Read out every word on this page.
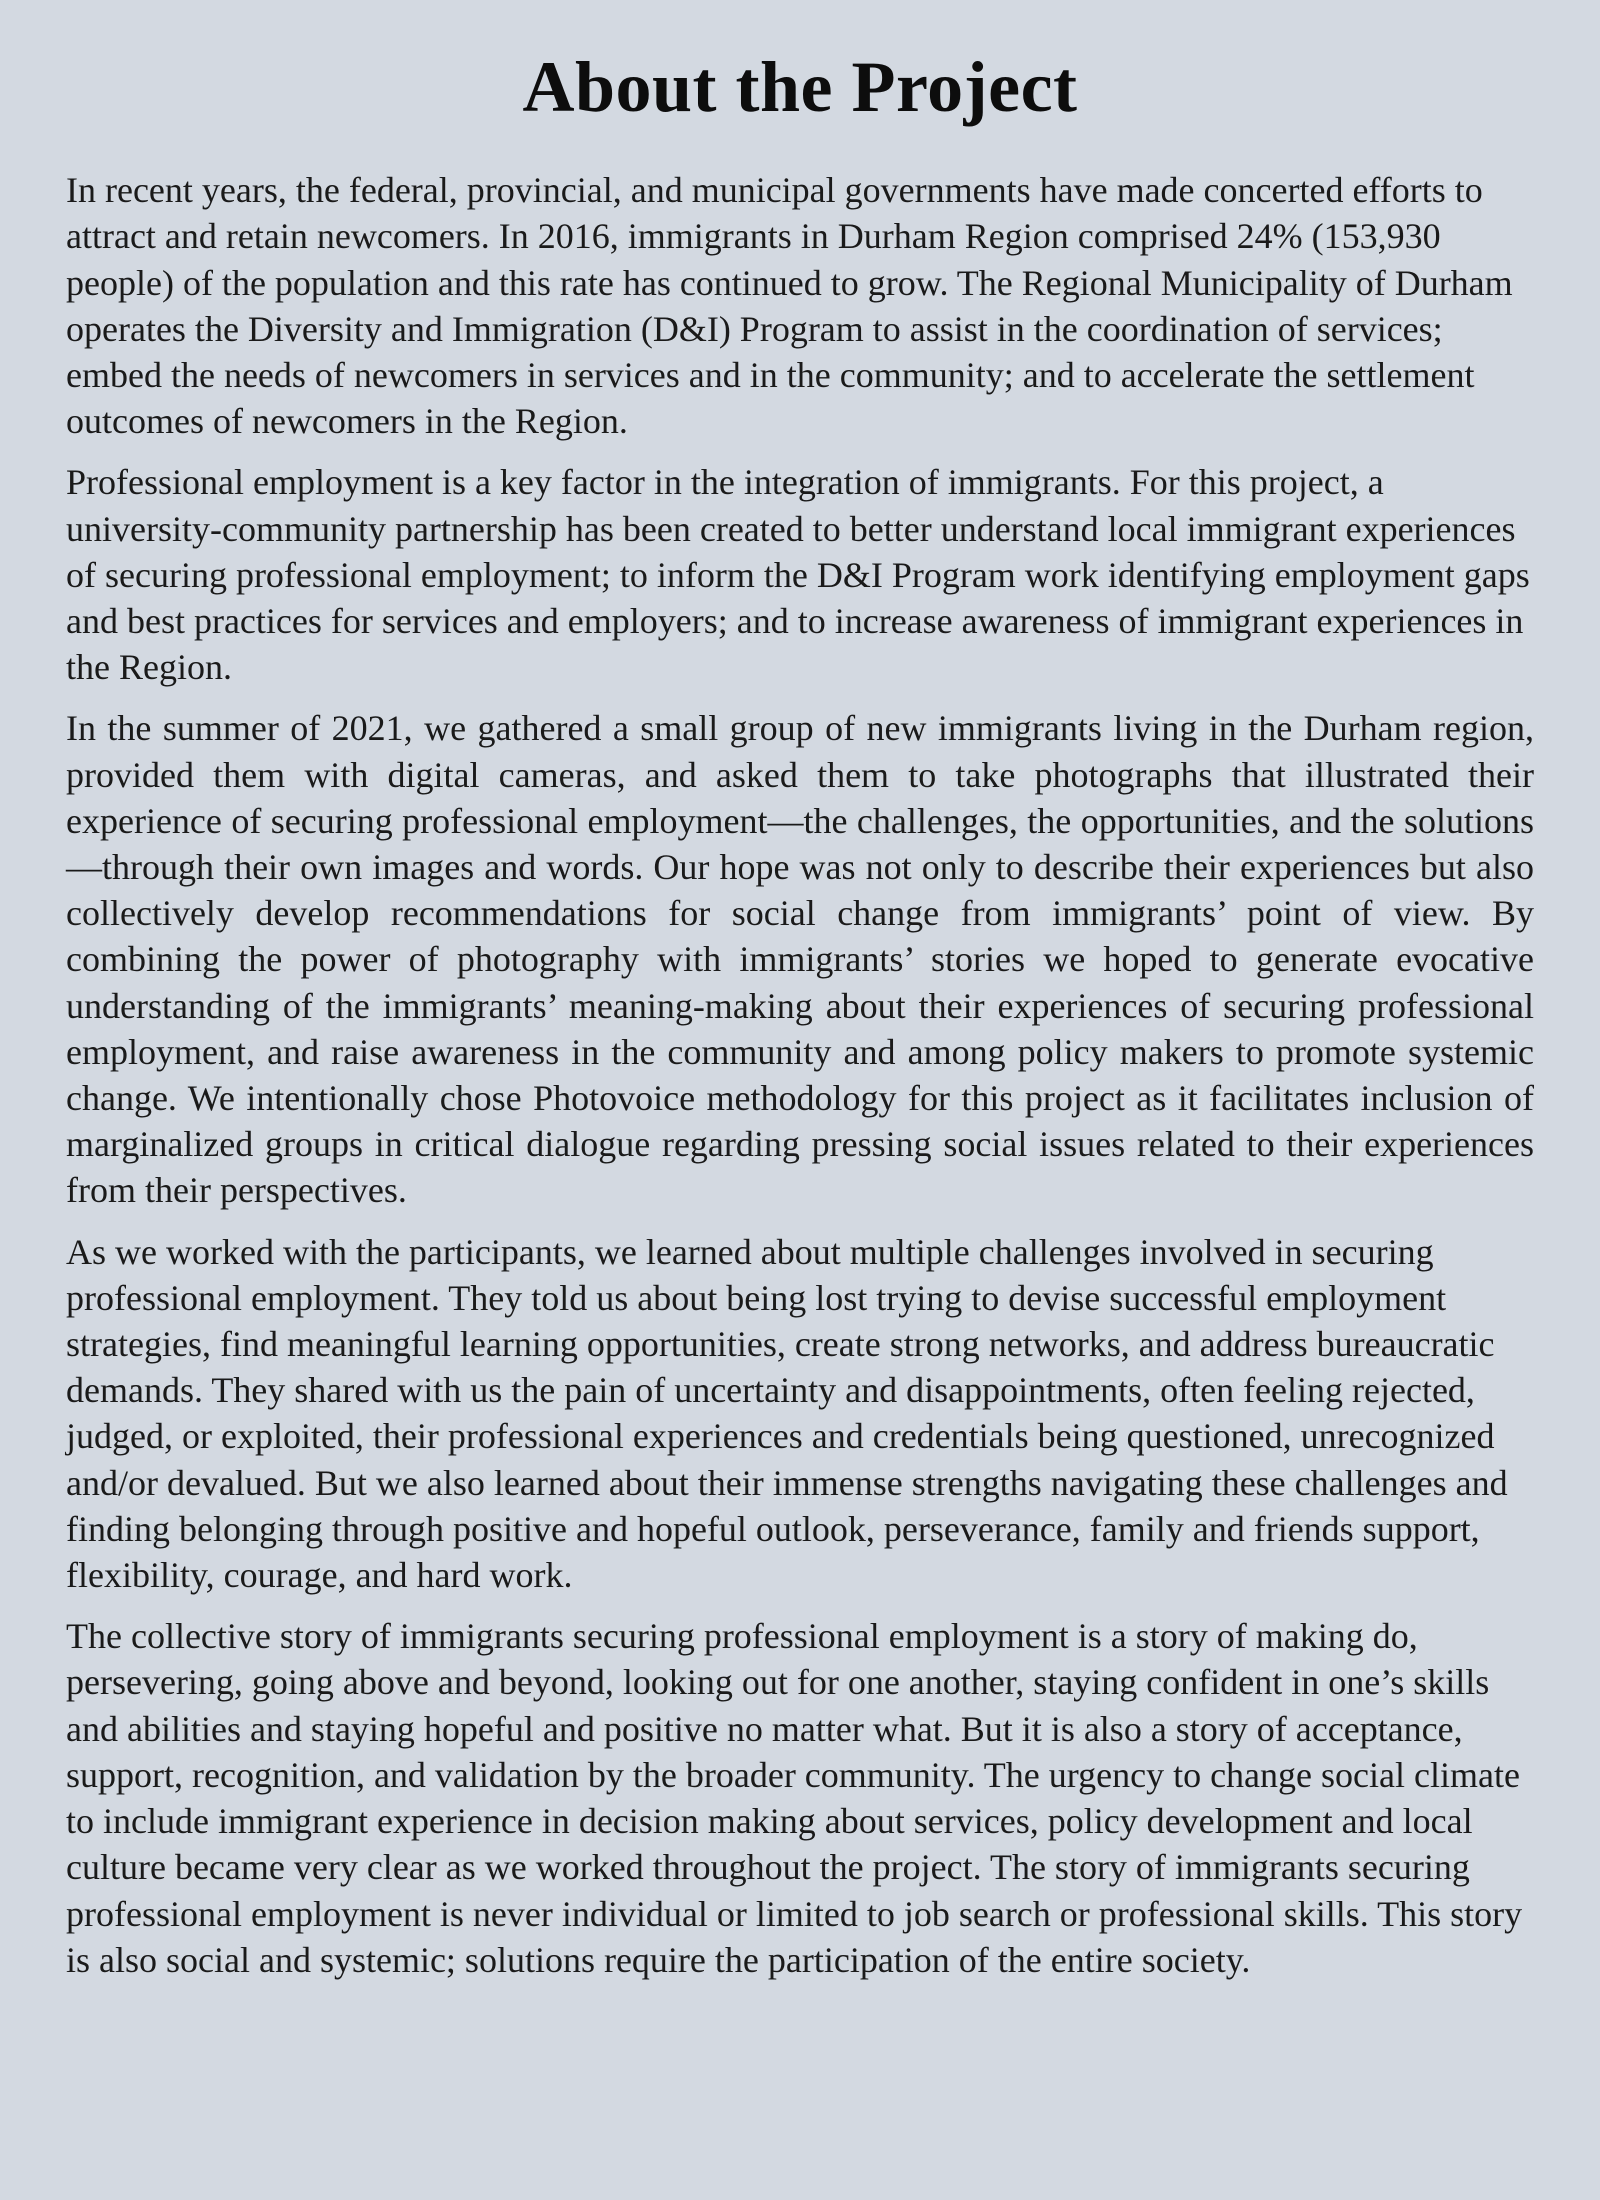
About the Project

In recent years, the federal, provincial, and municipal governments have made concerted efforts to attract and retain newcomers. In 2016, immigrants in Durham Region comprised 24% (153,930 people) of the population and this rate has continued to grow. The Regional Municipality of Durham operates the Diversity and Immigration (D&I) Program to assist in the coordination of services; embed the needs of newcomers in services and in the community; and to accelerate the settlement outcomes of newcomers in the Region.

Professional employment is a key factor in the integration of immigrants. For this project, a university-community partnership has been created to better understand local immigrant experiences of securing professional employment; to inform the D&I Program work identifying employment gaps and best practices for services and employers; and to increase awareness of immigrant experiences in the Region.

In the summer of 2021, we gathered a small group of new immigrants living in the Durham region, provided them with digital cameras, and asked them to take photographs that illustrated their experience of securing professional employment—the challenges, the opportunities, and the solutions—through their own images and words. Our hope was not only to describe their experiences but also collectively develop recommendations for social change from immigrants’ point of view. By combining the power of photography with immigrants’ stories we hoped to generate evocative understanding of the immigrants’ meaning-making about their experiences of securing professional employment, and raise awareness in the community and among policy makers to promote systemic change. We intentionally chose Photovoice methodology for this project as it facilitates inclusion of marginalized groups in critical dialogue regarding pressing social issues related to their experiences from their perspectives.

As we worked with the participants, we learned about multiple challenges involved in securing professional employment. They told us about being lost trying to devise successful employment strategies, find meaningful learning opportunities, create strong networks, and address bureaucratic demands. They shared with us the pain of uncertainty and disappointments, often feeling rejected, judged, or exploited, their professional experiences and credentials being questioned, unrecognized and/or devalued. But we also learned about their immense strengths navigating these challenges and finding belonging through positive and hopeful outlook, perseverance, family and friends support, flexibility, courage, and hard work.

The collective story of immigrants securing professional employment is a story of making do, persevering, going above and beyond, looking out for one another, staying confident in one’s skills and abilities and staying hopeful and positive no matter what. But it is also a story of acceptance, support, recognition, and validation by the broader community. The urgency to change social climate to include immigrant experience in decision making about services, policy development and local culture became very clear as we worked throughout the project. The story of immigrants securing professional employment is never individual or limited to job search or professional skills. This story is also social and systemic; solutions require the participation of the entire society.
